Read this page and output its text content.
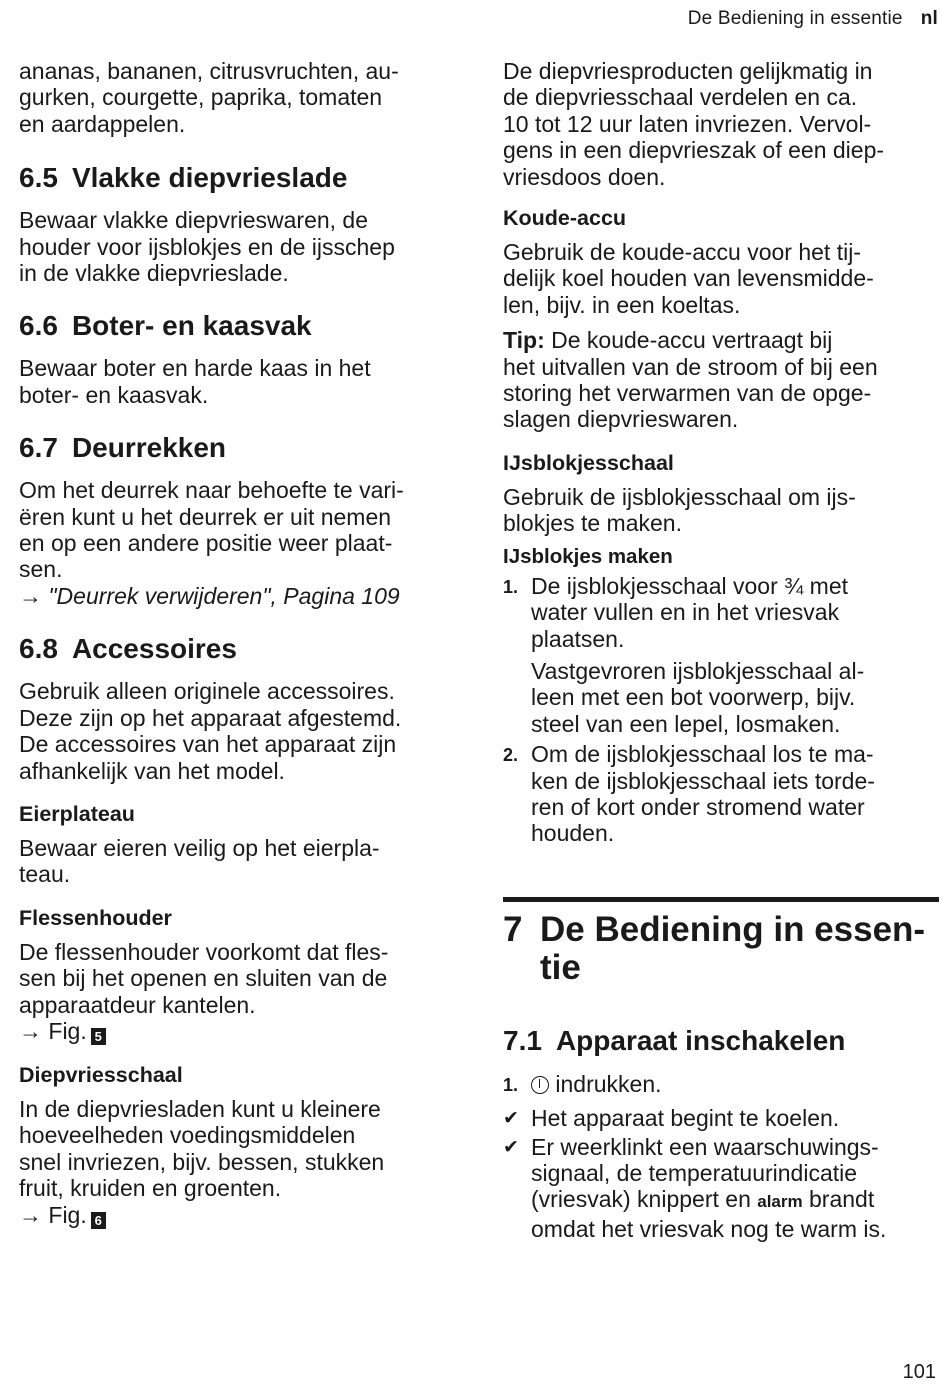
De Bediening in essentie nl

ananas, bananen, citrusvruchten, au-
gurken, courgette, paprika, tomaten
en aardappelen.

6.5 Vlakke diepvrieslade

Bewaar vlakke diepvrieswaren, de
houder voor ijsblokjes en de ijsschep
in de vlakke diepvrieslade.

6.6 Boter- en kaasvak

Bewaar boter en harde kaas in het
boter- en kaasvak.

6.7 Deurrekken

Om het deurrek naar behoefte te vari-
ëren kunt u het deurrek er uit nemen
en op een andere positie weer plaat-
sen.

→ "Deurrek verwijderen", Pagina 109
6.8 Accessoires

Gebruik alleen originele accessoires.
Deze zijn op het apparaat afgestemd.
De accessoires van het apparaat zijn
afhankelijk van het model.

Eierplateau

Bewaar eieren veilig op het eierpla-
teau.

Flessenhouder

De flessenhouder voorkomt dat fles-
sen bij het openen en sluiten van de
apparaatdeur kantelen.

→ Fig. 5
Diepvriesschaal

In de diepvriesladen kunt u kleinere
hoeveelheden voedingsmiddelen
snel invriezen, bijv. bessen, stukken
fruit, kruiden en groenten.

→ Fig. 6

De diepvriesproducten gelijkmatig in
de diepvriesschaal verdelen en ca.
10 tot 12 uur laten invriezen. Vervol-
gens in een diepvrieszak of een diep-
vriesdoos doen.

Koude-accu

Gebruik de koude-accu voor het tij-
delijk koel houden van levensmidde-
len, bijv. in een koeltas.

Tip: De koude-accu vertraagt bij
het uitvallen van de stroom of bij een
storing het verwarmen van de opge-
slagen diepvrieswaren.

IJsblokjesschaal

Gebruik de ijsblokjesschaal om ijs-
blokjes te maken.

IJsblokjes maken
1. De ijsblokjesschaal voor ¾ met
water vullen en in het vriesvak
plaatsen.

Vastgevroren ijsblokjesschaal al-
leen met een bot voorwerp, bijv.
steel van een lepel, losmaken.

2. Om de ijsblokjesschaal los te ma-
ken de ijsblokjesschaal iets torde-
ren of kort onder stromend water
houden.

7 De Bediening in essen-
tie
7.1 Apparaat inschakelen
1.	indrukken.

✔ Het apparaat begint te koelen.

✔ Er weerklinkt een waarschuwings-
signaal, de temperatuurindicatie
(vriesvak) knippert en alarm brandt
omdat het vriesvak nog te warm is.

101
